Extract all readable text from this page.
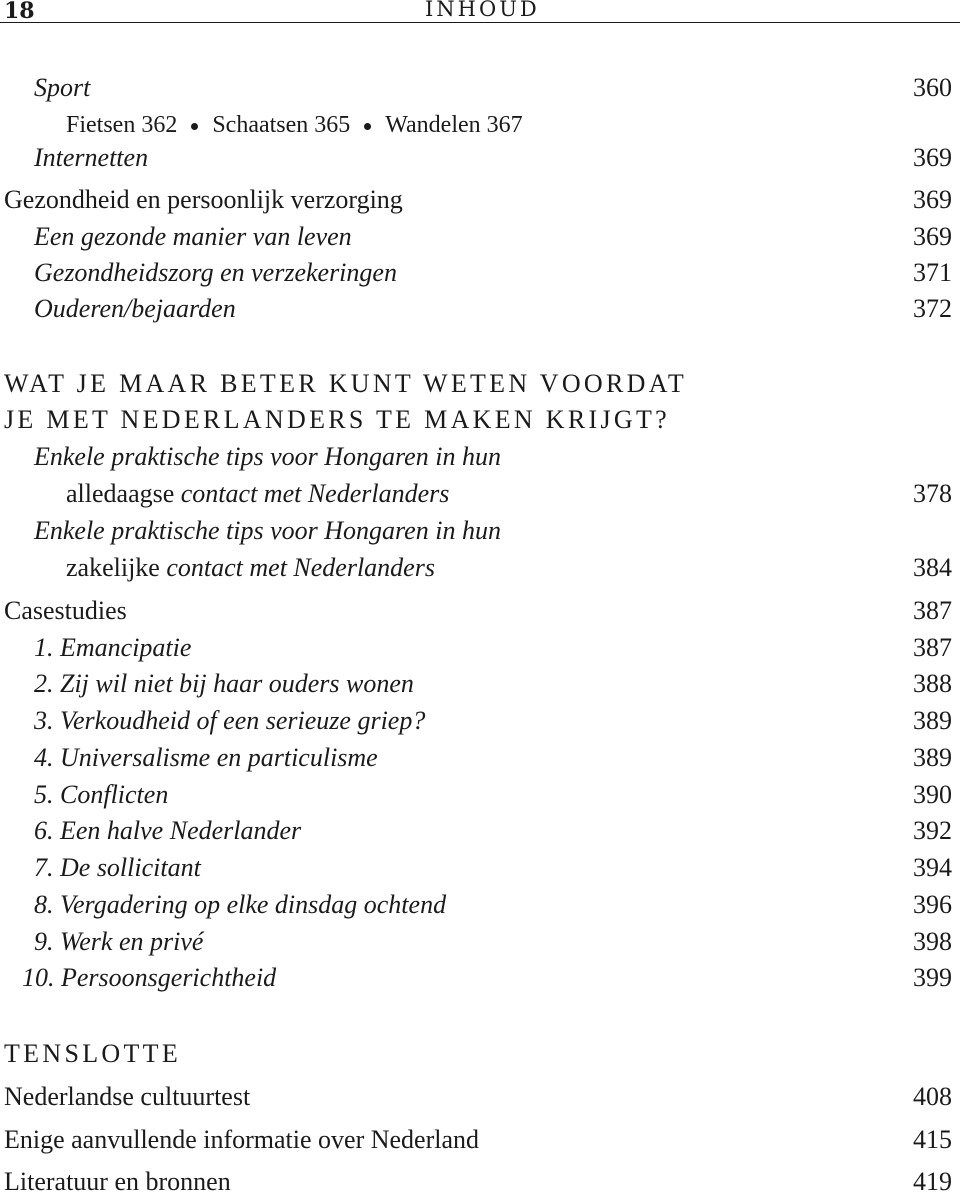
18	INHOUD
Sport	360
Fietsen 362 Schaatsen 365 Wandelen 367
Internetten	369
Gezondheid en persoonlijk verzorging	369
Een gezonde manier van leven	369
Gezondheidszorg en verzekeringen	371
Ouderen/bejaarden	372
WAT JE MAAR BETER KUNT WETEN VOORDAT
JE MET NEDERLANDERS TE MAKEN KRIJGT?
Enkele praktische tips voor Hongaren in hun
alledaagse contact met Nederlanders	378
Enkele praktische tips voor Hongaren in hun
zakelijke contact met Nederlanders	384
Casestudies	387
1. Emancipatie	387
2. Zij wil niet bij haar ouders wonen	388
3. Verkoudheid of een serieuze griep?	389
4. Universalisme en particulisme	389
5. Conflicten	390
6. Een halve Nederlander	392
7. De sollicitant	394
8. Vergadering op elke dinsdag ochtend	396
9. Werk en privé	398
10. Persoonsgerichtheid	399
TENSLOTTE
Nederlandse cultuurtest	408
Enige aanvullende informatie over Nederland	415
Literatuur en bronnen	419
